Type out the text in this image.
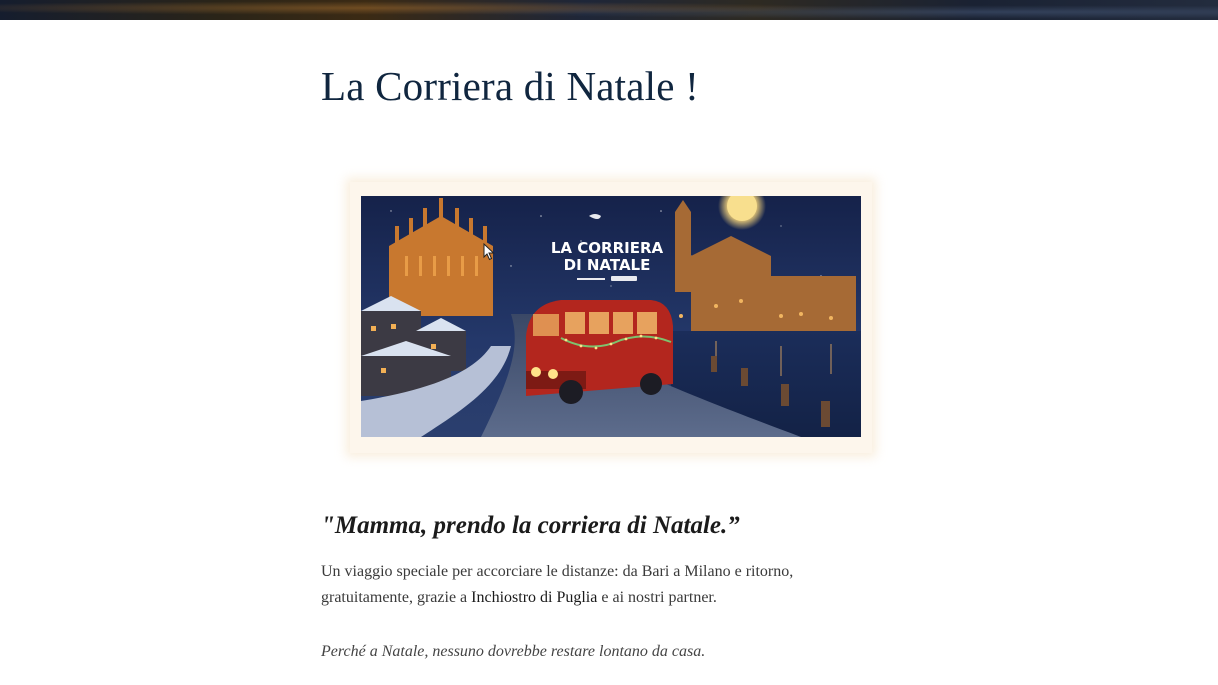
La Corriera di Natale !
LA CORRIERA
DI NATALE
"Mamma, prendo la corriera di Natale.”

Un viaggio speciale per accorciare le distanze: da Bari a Milano e ritorno, gratuitamente, grazie a Inchiostro di Puglia e ai nostri partner.

Perché a Natale, nessuno dovrebbe restare lontano da casa.
